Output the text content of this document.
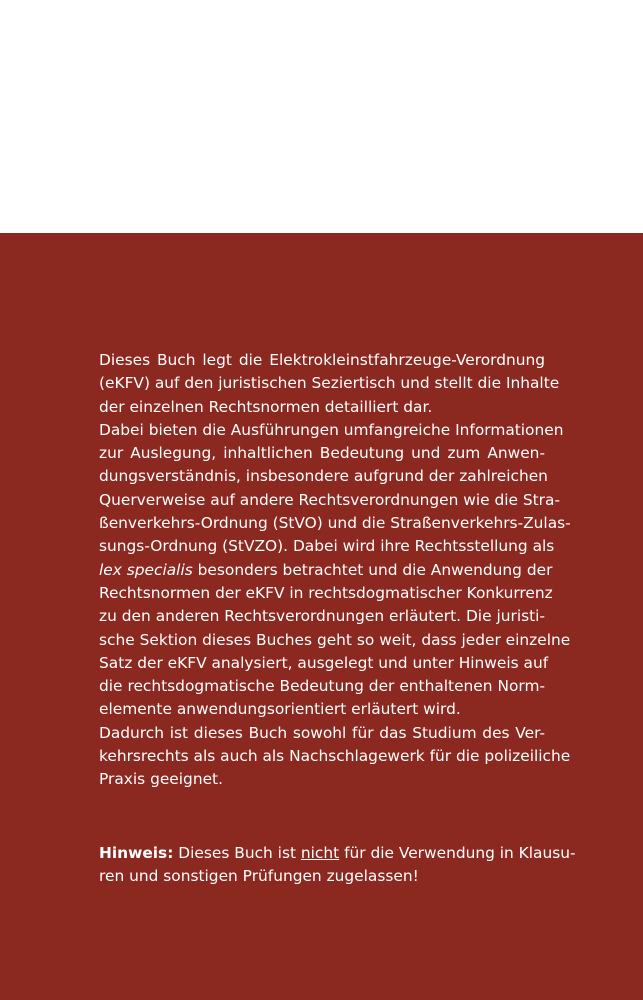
Dieses Buch legt die Elektrokleinstfahrzeuge-Verordnung
(eKFV) auf den juristischen Seziertisch und stellt die Inhalte
der einzelnen Rechtsnormen detailliert dar.

Dabei bieten die Ausführungen umfangreiche Informationen
zur Auslegung, inhaltlichen Bedeutung und zum Anwen-
dungsverständnis, insbesondere aufgrund der zahlreichen
Querverweise auf andere Rechtsverordnungen wie die Stra-
ßenverkehrs-Ordnung (StVO) und die Straßenverkehrs-Zulas-
sungs-Ordnung (StVZO). Dabei wird ihre Rechtsstellung als
lex specialis besonders betrachtet und die Anwendung der
Rechtsnormen der eKFV in rechtsdogmatischer Konkurrenz
zu den anderen Rechtsverordnungen erläutert. Die juristi-
sche Sektion dieses Buches geht so weit, dass jeder einzelne
Satz der eKFV analysiert, ausgelegt und unter Hinweis auf
die rechtsdogmatische Bedeutung der enthaltenen Norm-
elemente anwendungsorientiert erläutert wird.

Dadurch ist dieses Buch sowohl für das Studium des Ver-
kehrsrechts als auch als Nachschlagewerk für die polizeiliche
Praxis geeignet.

Hinweis: Dieses Buch ist nicht für die Verwendung in Klausu-
ren und sonstigen Prüfungen zugelassen!
